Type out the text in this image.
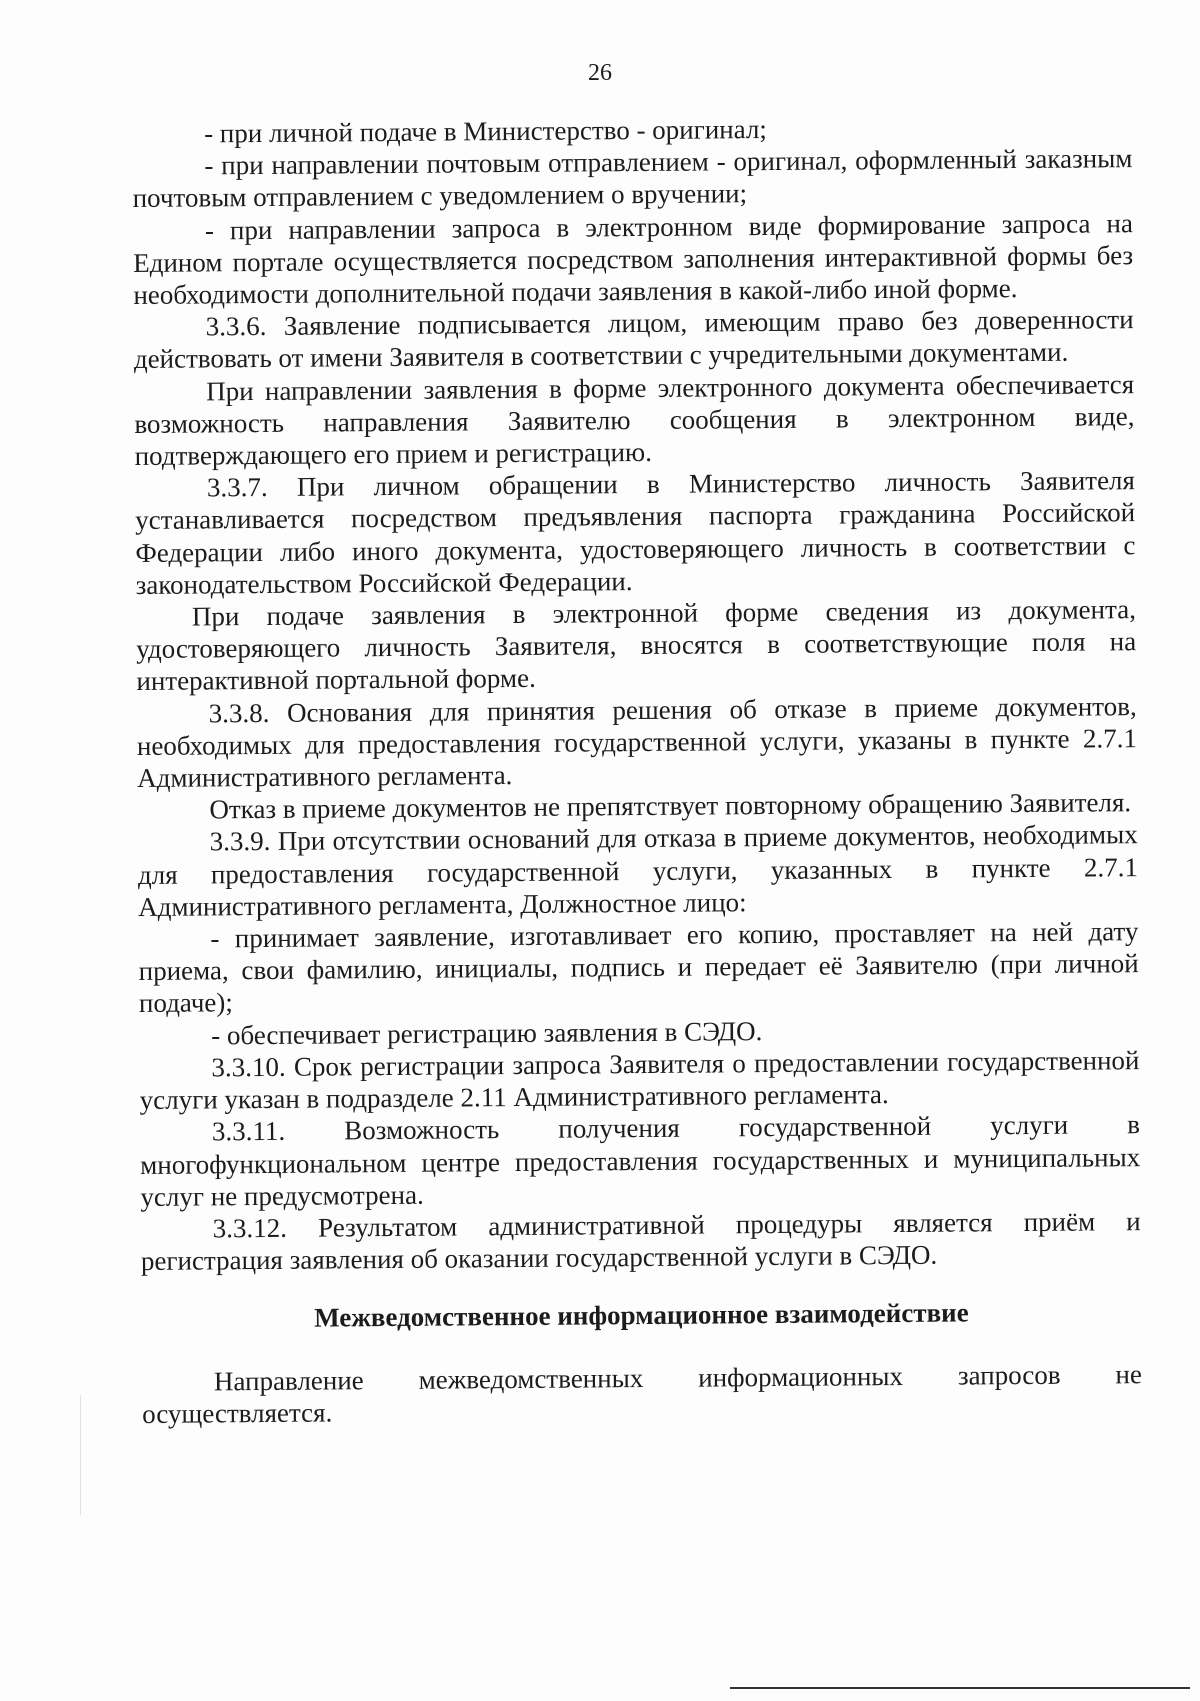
26

- при личной подаче в Министерство - оригинал;

- при направлении почтовым отправлением - оригинал, оформленный заказным почтовым отправлением с уведомлением о вручении;

- при направлении запроса в электронном виде формирование запроса на Едином портале осуществляется посредством заполнения интерактивной формы без необходимости дополнительной подачи заявления в какой-либо иной форме.

3.3.6. Заявление подписывается лицом, имеющим право без доверенности действовать от имени Заявителя в соответствии с учредительными документами.

При направлении заявления в форме электронного документа обеспечивается возможность направления Заявителю сообщения в электронном виде, подтверждающего его прием и регистрацию.

3.3.7. При личном обращении в Министерство личность Заявителя устанавливается посредством предъявления паспорта гражданина Российской Федерации либо иного документа, удостоверяющего личность в соответствии с законодательством Российской Федерации.

При подаче заявления в электронной форме сведения из документа, удостоверяющего личность Заявителя, вносятся в соответствующие поля на интерактивной портальной форме.

3.3.8. Основания для принятия решения об отказе в приеме документов, необходимых для предоставления государственной услуги, указаны в пункте 2.7.1 Административного регламента.

Отказ в приеме документов не препятствует повторному обращению Заявителя.

3.3.9. При отсутствии оснований для отказа в приеме документов, необходимых для предоставления государственной услуги, указанных в пункте 2.7.1 Административного регламента, Должностное лицо:

- принимает заявление, изготавливает его копию, проставляет на ней дату приема, свои фамилию, инициалы, подпись и передает её Заявителю (при личной подаче);

- обеспечивает регистрацию заявления в СЭДО.

3.3.10. Срок регистрации запроса Заявителя о предоставлении государственной услуги указан в подразделе 2.11 Административного регламента.

3.3.11. Возможность получения государственной услуги в многофункциональном центре предоставления государственных и муниципальных услуг не предусмотрена.

3.3.12. Результатом административной процедуры является приём и регистрация заявления об оказании государственной услуги в СЭДО.

Межведомственное информационное взаимодействие

Направление межведомственных информационных запросов не осуществляется.
